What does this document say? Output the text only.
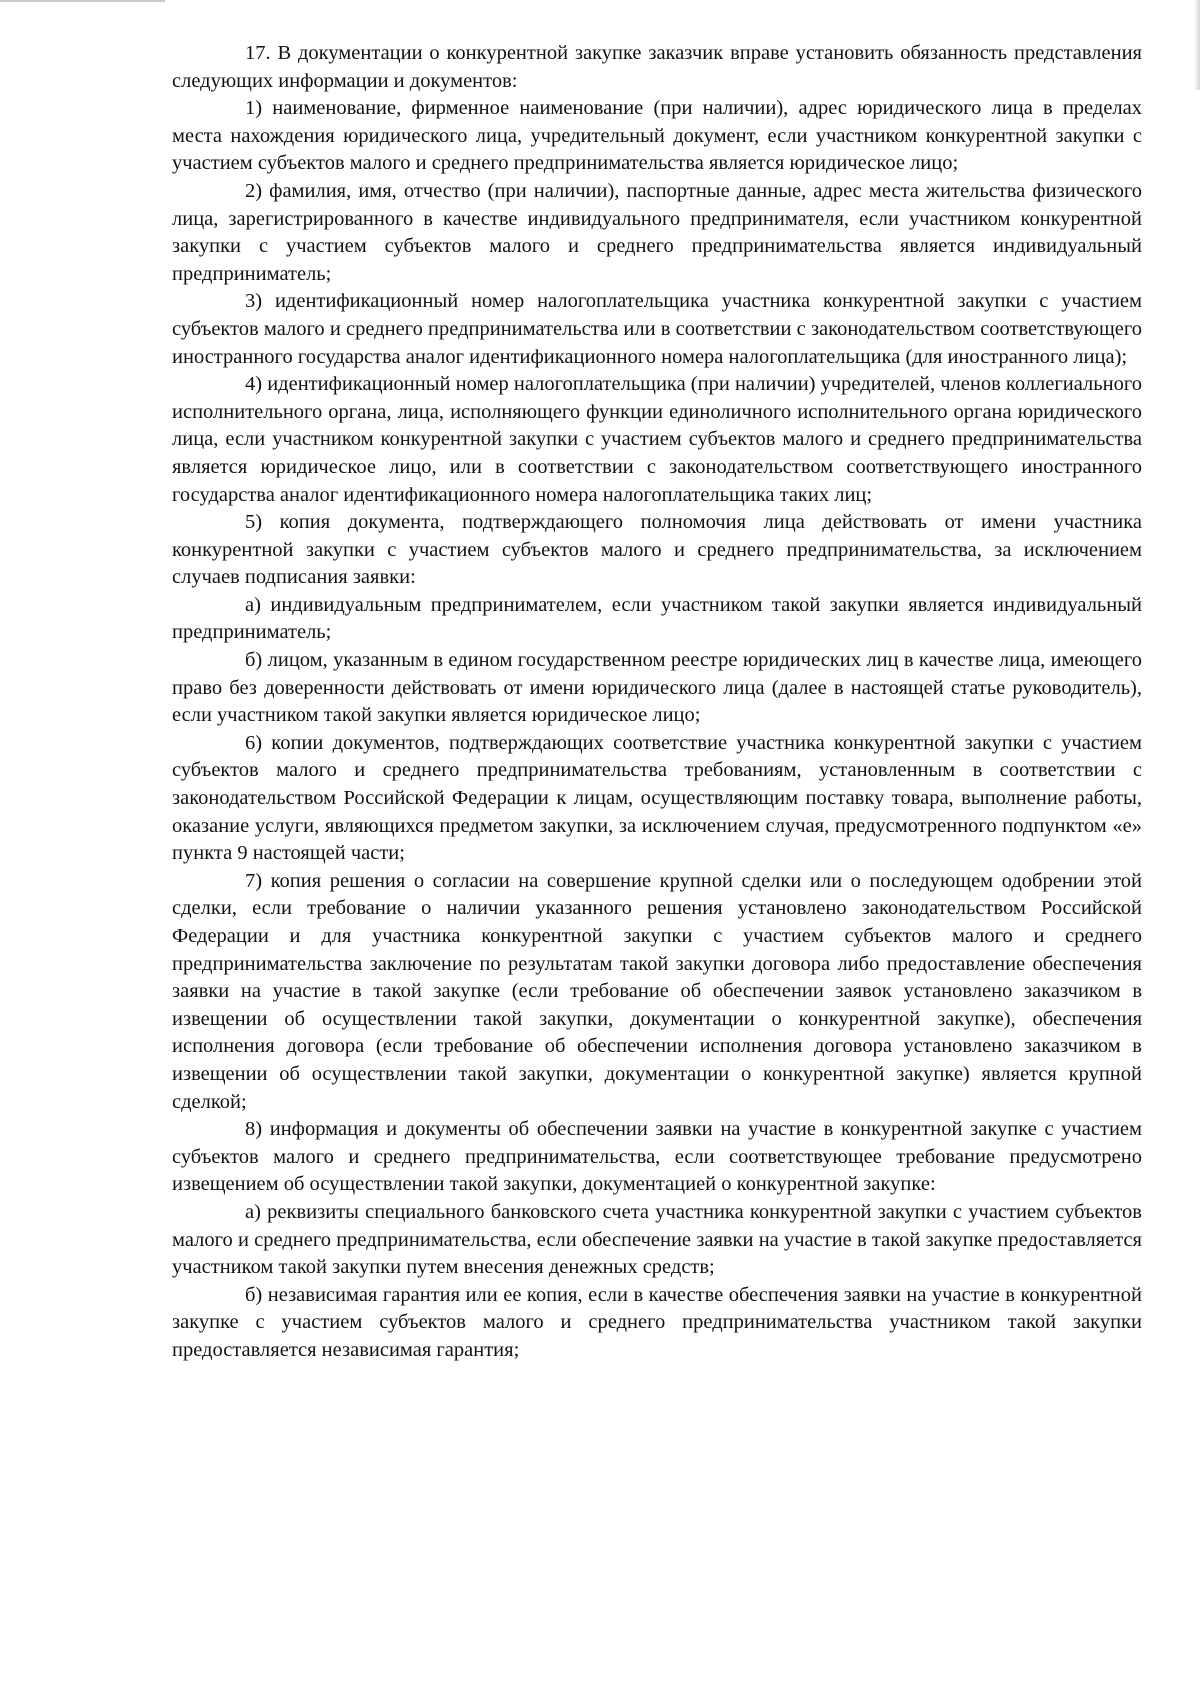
17. В документации о конкурентной закупке заказчик вправе установить обязанность представления следующих информации и документов:

1) наименование, фирменное наименование (при наличии), адрес юридического лица в пределах места нахождения юридического лица, учредительный документ, если участником конкурентной закупки с участием субъектов малого и среднего предпринимательства является юридическое лицо;

2) фамилия, имя, отчество (при наличии), паспортные данные, адрес места жительства физического лица, зарегистрированного в качестве индивидуального предпринимателя, если участником конкурентной закупки с участием субъектов малого и среднего предпринимательства является индивидуальный предприниматель;

3) идентификационный номер налогоплательщика участника конкурентной закупки с участием субъектов малого и среднего предпринимательства или в соответствии с законодательством соответствующего иностранного государства аналог идентификационного номера налогоплательщика (для иностранного лица);

4) идентификационный номер налогоплательщика (при наличии) учредителей, членов коллегиального исполнительного органа, лица, исполняющего функции единоличного исполнительного органа юридического лица, если участником конкурентной закупки с участием субъектов малого и среднего предпринимательства является юридическое лицо, или в соответствии с законодательством соответствующего иностранного государства аналог идентификационного номера налогоплательщика таких лиц;

5) копия документа, подтверждающего полномочия лица действовать от имени участника конкурентной закупки с участием субъектов малого и среднего предпринимательства, за исключением случаев подписания заявки:

а) индивидуальным предпринимателем, если участником такой закупки является индивидуальный предприниматель;

б) лицом, указанным в едином государственном реестре юридических лиц в качестве лица, имеющего право без доверенности действовать от имени юридического лица (далее в настоящей статье руководитель), если участником такой закупки является юридическое лицо;

6) копии документов, подтверждающих соответствие участника конкурентной закупки с участием субъектов малого и среднего предпринимательства требованиям, установленным в соответствии с законодательством Российской Федерации к лицам, осуществляющим поставку товара, выполнение работы, оказание услуги, являющихся предметом закупки, за исключением случая, предусмотренного подпунктом «е» пункта 9 настоящей части;

7) копия решения о согласии на совершение крупной сделки или о последующем одобрении этой сделки, если требование о наличии указанного решения установлено законодательством Российской Федерации и для участника конкурентной закупки с участием субъектов малого и среднего предпринимательства заключение по результатам такой закупки договора либо предоставление обеспечения заявки на участие в такой закупке (если требование об обеспечении заявок установлено заказчиком в извещении об осуществлении такой закупки, документации о конкурентной закупке), обеспечения исполнения договора (если требование об обеспечении исполнения договора установлено заказчиком в извещении об осуществлении такой закупки, документации о конкурентной закупке) является крупной сделкой;

8) информация и документы об обеспечении заявки на участие в конкурентной закупке с участием субъектов малого и среднего предпринимательства, если соответствующее требование предусмотрено извещением об осуществлении такой закупки, документацией о конкурентной закупке:

а) реквизиты специального банковского счета участника конкурентной закупки с участием субъектов малого и среднего предпринимательства, если обеспечение заявки на участие в такой закупке предоставляется участником такой закупки путем внесения денежных средств;

б) независимая гарантия или ее копия, если в качестве обеспечения заявки на участие в конкурентной закупке с участием субъектов малого и среднего предпринимательства участником такой закупки предоставляется независимая гарантия;
